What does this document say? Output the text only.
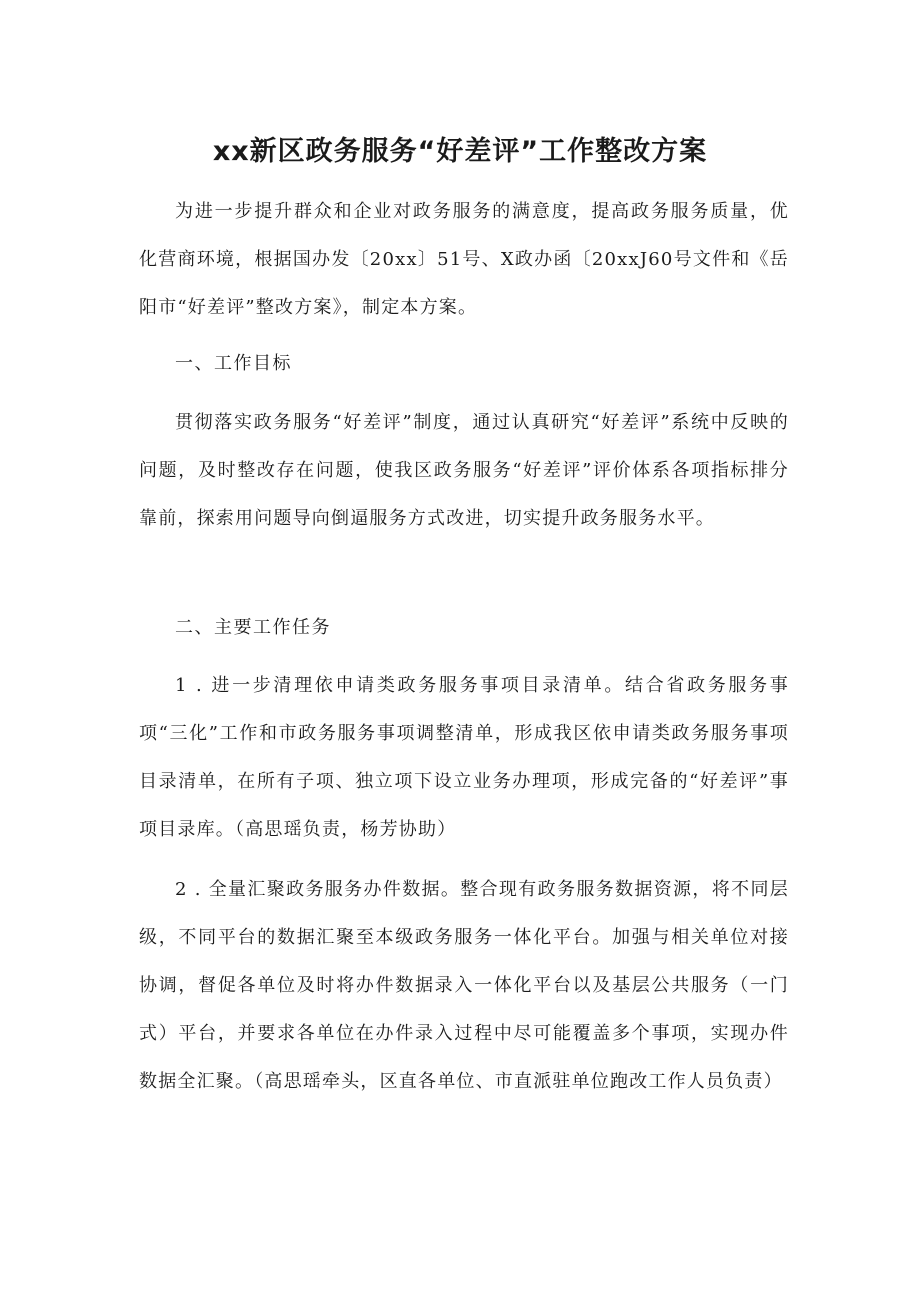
xx新区政务服务“好差评”工作整改方案

为进一步提升群众和企业对政务服务的满意度，提高政务服务质量，优化营商环境，根据国办发〔20xx〕51号、X政办函〔20xxJ60号文件和《岳阳市“好差评”整改方案》，制定本方案。

一、工作目标

贯彻落实政务服务“好差评”制度，通过认真研究“好差评”系统中反映的问题，及时整改存在问题，使我区政务服务“好差评”评价体系各项指标排分靠前，探索用问题导向倒逼服务方式改进，切实提升政务服务水平。

二、主要工作任务

1 . 进一步清理依申请类政务服务事项目录清单。结合省政务服务事项“三化”工作和市政务服务事项调整清单，形成我区依申请类政务服务事项目录清单，在所有子项、独立项下设立业务办理项，形成完备的“好差评”事项目录库。（高思瑶负责，杨芳协助）

2 . 全量汇聚政务服务办件数据。整合现有政务服务数据资源，将不同层级，不同平台的数据汇聚至本级政务服务一体化平台。加强与相关单位对接协调，督促各单位及时将办件数据录入一体化平台以及基层公共服务（一门式）平台，并要求各单位在办件录入过程中尽可能覆盖多个事项，实现办件数据全汇聚。（高思瑶牵头，区直各单位、市直派驻单位跑改工作人员负责）
